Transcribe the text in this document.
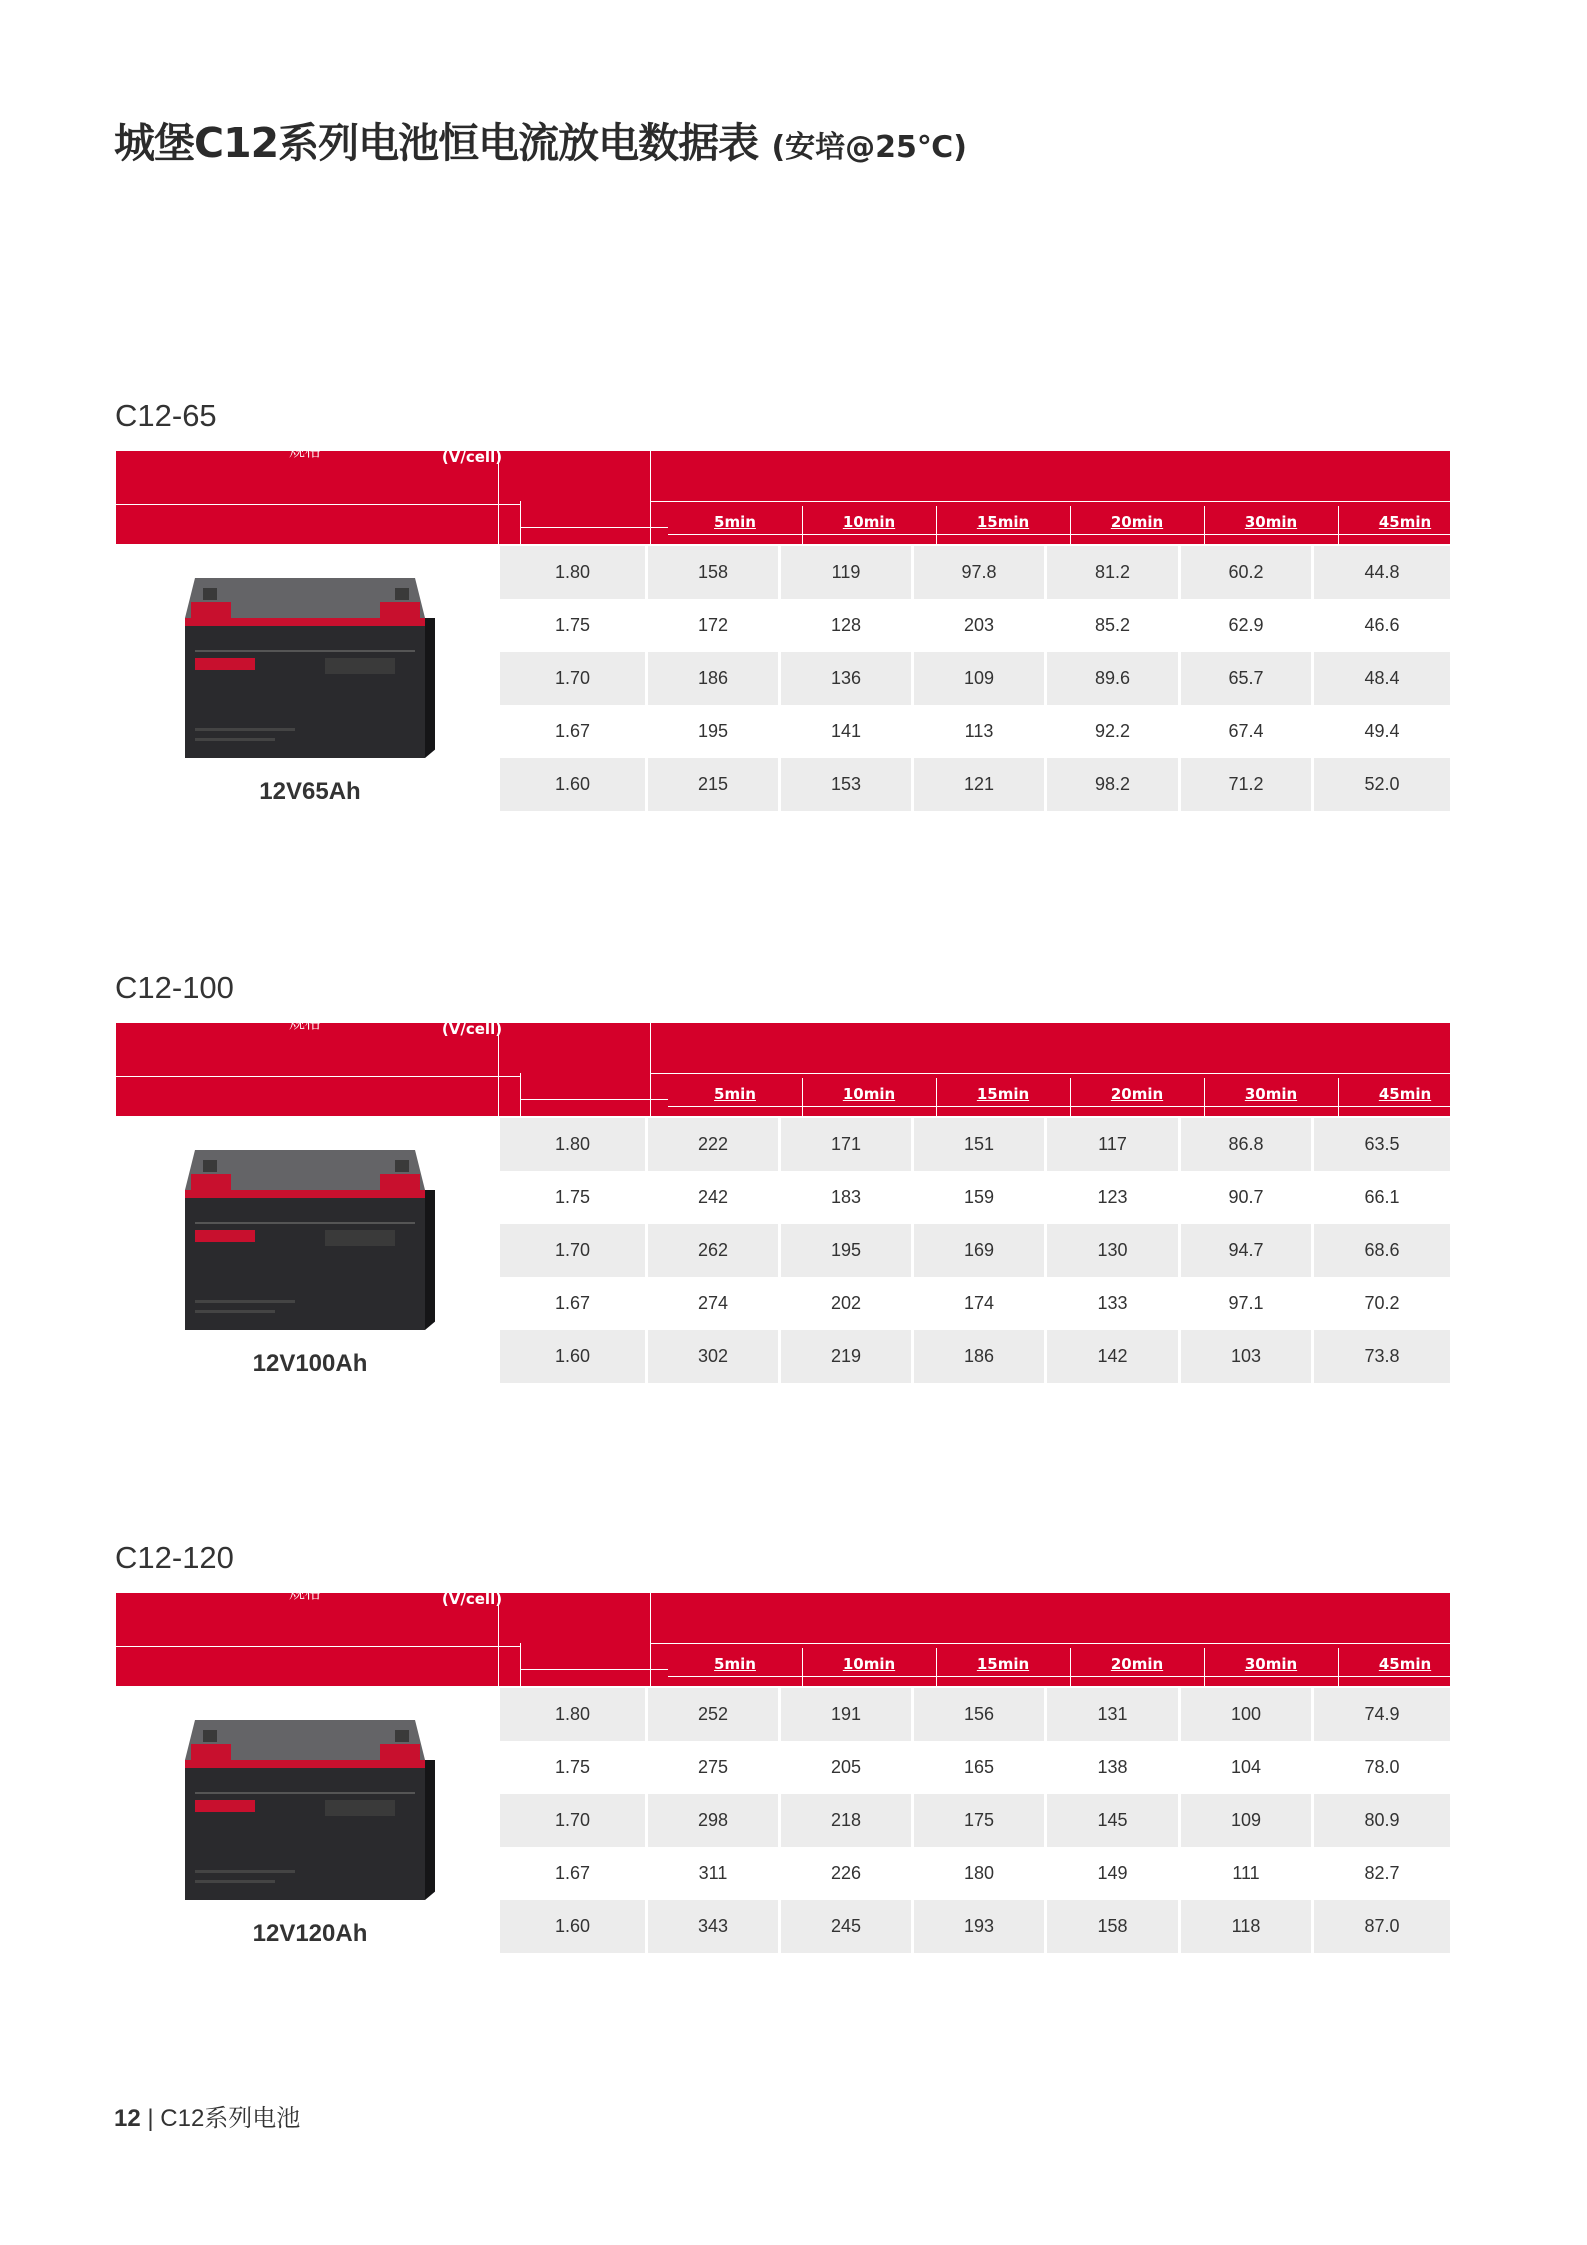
城堡C12系列电池恒电流放电数据表 (安培@25℃)
C12-65
规格
截至电压
(V/cell)
时间
5min	10min	15min	20min	30min	45min
1.80	158	119	97.8	81.2	60.2	44.8
1.75	172	128	203	85.2	62.9	46.6
1.70	186	136	109	89.6	65.7	48.4
1.67	195	141	113	92.2	67.4	49.4
1.60	215	153	121	98.2	71.2	52.0
12V65Ah
C12-100
规格
截至电压
(V/cell)
时间
5min	10min	15min	20min	30min	45min
1.80	222	171	151	117	86.8	63.5
1.75	242	183	159	123	90.7	66.1
1.70	262	195	169	130	94.7	68.6
1.67	274	202	174	133	97.1	70.2
1.60	302	219	186	142	103	73.8
12V100Ah
C12-120
规格
截至电压
(V/cell)
时间
5min	10min	15min	20min	30min	45min
1.80	252	191	156	131	100	74.9
1.75	275	205	165	138	104	78.0
1.70	298	218	175	145	109	80.9
1.67	311	226	180	149	111	82.7
1.60	343	245	193	158	118	87.0
12V120Ah
12 | C12系列电池
